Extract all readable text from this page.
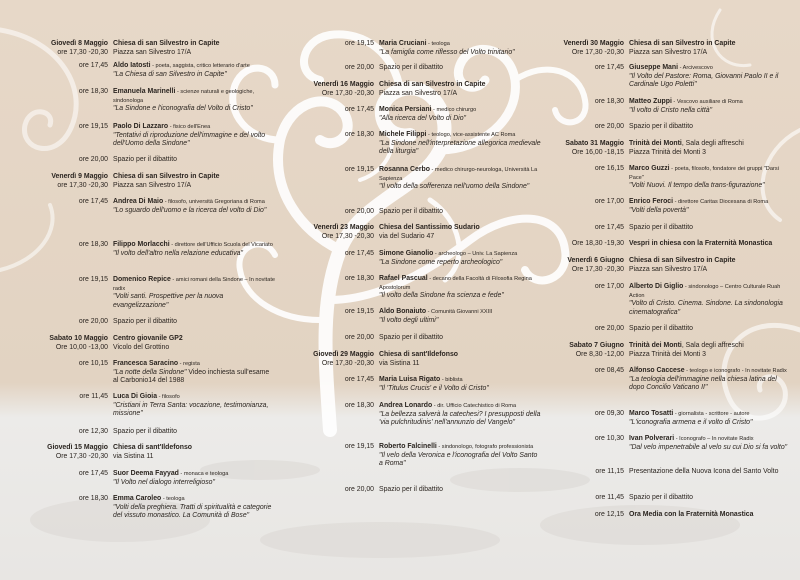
Giovedì 8 Maggio
ore 17,30 -20,30
Chiesa di san Silvestro in Capite
Piazza san Silvestro 17/A
ore 17,45 Aldo Iatosti - poeta, saggista, critico letterario d'arte
"La Chiesa di san Silvestro in Capite"
ore 18,30 Emanuela Marinelli - scienze naturali e geologiche, sindonologa
"La Sindone e l'iconografia del Volto di Cristo"
ore 19,15 Paolo Di Lazzaro - fisico dell'Enea
"Tentativi di riproduzione dell'immagine e del volto dell'Uomo della Sindone"
ore 20,00 Spazio per il dibattito
Venerdì 9 Maggio
ore 17,30 -20,30
Chiesa di san Silvestro in Capite
Piazza san Silvestro 17/A
ore 17,45 Andrea Di Maio - filosofo, università Gregoriana di Roma
"Lo sguardo dell'uomo e la ricerca del volto di Dio"
ore 18,30 Filippo Morlacchi - direttore dell'Ufficio Scuola del Vicariato
"Il volto dell'altro nella relazione educativa"
ore 19,15 Domenico Repice - amici romani della Sindone – In novitate radix
"Volti santi. Prospettive per la nuova evangelizzazione"
ore 20,00 Spazio per il dibattito
Sabato 10 Maggio
Ore 10,00 -13,00
Centro giovanile GP2
Vicolo del Grottino
ore 10,15 Francesca Saracino - regista
"La notte della Sindone" Video inchiesta sull'esame al Carbonio14 del 1988
ore 11,45 Luca Di Gioia - filosofo
"Cristiani in Terra Santa: vocazione, testimonianza, missione"
ore 12,30 Spazio per il dibattito
Giovedì 15 Maggio
Ore 17,30 -20,30
Chiesa di sant'Ildefonso
via Sistina 11
ore 17,45 Suor Deema Fayyad - monaca e teologa
"Il Volto nel dialogo interreligioso"
ore 18,30 Emma Caroleo - teologa
"Volti della preghiera. Tratti di spiritualità e categorie del vissuto monastico. La Comunità di Bose"
ore 19,15 Maria Cruciani - teologa
"La famiglia come riflesso del Volto trinitario"
ore 20,00 Spazio per il dibattito
Venerdì 16 Maggio
Ore 17,30 -20,30
Chiesa di san Silvestro in Capite
Piazza san Silvestro 17/A
ore 17,45 Monica Persiani - medico chirurgo
"Alla ricerca del Volto di Dio"
ore 18,30 Michele Filippi - teologo, vice-assistente AC Roma
"La Sindone nell'interpretazione allegorica medievale della liturgia"
ore 19,15 Rosanna Cerbo - medico chirurgo-neurologa, Università La Sapienza
"Il volto della sofferenza nell'uomo della Sindone"
ore 20,00 Spazio per il dibattito
Venerdì 23 Maggio
Ore 17,30 -20,30
Chiesa del Santissimo Sudario
via del Sudario 47
ore 17,45 Simone Gianolio - archeologo – Univ. La Sapienza
"La Sindone come reperto archeologico"
ore 18,30 Rafael Pascual - decano della Facoltà di Filosofia Regina Apostolorum
"Il volto della Sindone fra scienza e fede"
ore 19,15 Aldo Bonaiuto - Comunità Giovanni XXIII
"Il volto degli ultimi"
ore 20,00 Spazio per il dibattito
Giovedì 29 Maggio
Ore 17,30 -20,30
Chiesa di sant'Ildefonso
via Sistina 11
ore 17,45 Maria Luisa Rigato - biblista
"Il 'Titulus Crucis' e il Volto di Cristo"
ore 18,30 Andrea Lonardo - dir. Ufficio Catechistico di Roma
"La bellezza salverà la catechesi? I presupposti della 'via pulchritudinis' nell'annunzio del Vangelo"
ore 19,15 Roberto Falcinelli - sindonologo, fotografo professionista
"Il velo della Veronica e l'iconografia del Volto Santo a Roma"
ore 20,00 Spazio per il dibattito
Venerdì 30 Maggio
Ore 17,30 -20,30
Chiesa di san Silvestro in Capite
Piazza san Silvestro 17/A
ore 17,45 Giuseppe Mani - Arcivescovo
"Il Volto del Pastore: Roma, Giovanni Paolo II e il Cardinale Ugo Poletti"
ore 18,30 Matteo Zuppi - Vescovo ausiliare di Roma
"Il volto di Cristo nella città"
ore 20,00 Spazio per il dibattito
Sabato 31 Maggio
Ore 16,00 -18,15
Trinità dei Monti, Sala degli affreschi
Piazza Trinità dei Monti 3
ore 16,15 Marco Guzzi - poeta, filosofo, fondatore dei gruppi "Darsi Pace"
"Volti Nuovi. Il tempo della trans-figurazione"
ore 17,00 Enrico Feroci - direttore Caritas Diocesana di Roma
"Volti della povertà"
ore 17,45 Spazio per il dibattito
Ore 18,30 -19,30 Vespri in chiesa con la Fraternità Monastica
Venerdì 6 Giugno
Ore 17,30 -20,30
Chiesa di san Silvestro in Capite
Piazza san Silvestro 17/A
ore 17,00 Alberto Di Giglio - sindonologo – Centro Culturale Ruah Action
"Volto di Cristo. Cinema. Sindone. La sindonologia cinematografica"
ore 20,00 Spazio per il dibattito
Sabato 7 Giugno
Ore 8,30 -12,00
Trinità dei Monti, Sala degli affreschi
Piazza Trinità dei Monti 3
ore 08,45 Alfonso Caccese - teologo e iconografo - In novitate Radix
"La teologia dell'immagine nella chiesa latina del dopo Concilio Vaticano II"
ore 09,30 Marco Tosatti - giornalista - scrittore - autore
"L'iconografia armena e il volto di Cristo"
ore 10,30 Ivan Polverari - Iconografo – In novitate Radix
"Dal velo impenetrabile al velo su cui Dio si fa volto"
ore 11,15 Presentazione della Nuova Icona del Santo Volto
ore 11,45 Spazio per il dibattito
ore 12,15 Ora Media con la Fraternità Monastica
